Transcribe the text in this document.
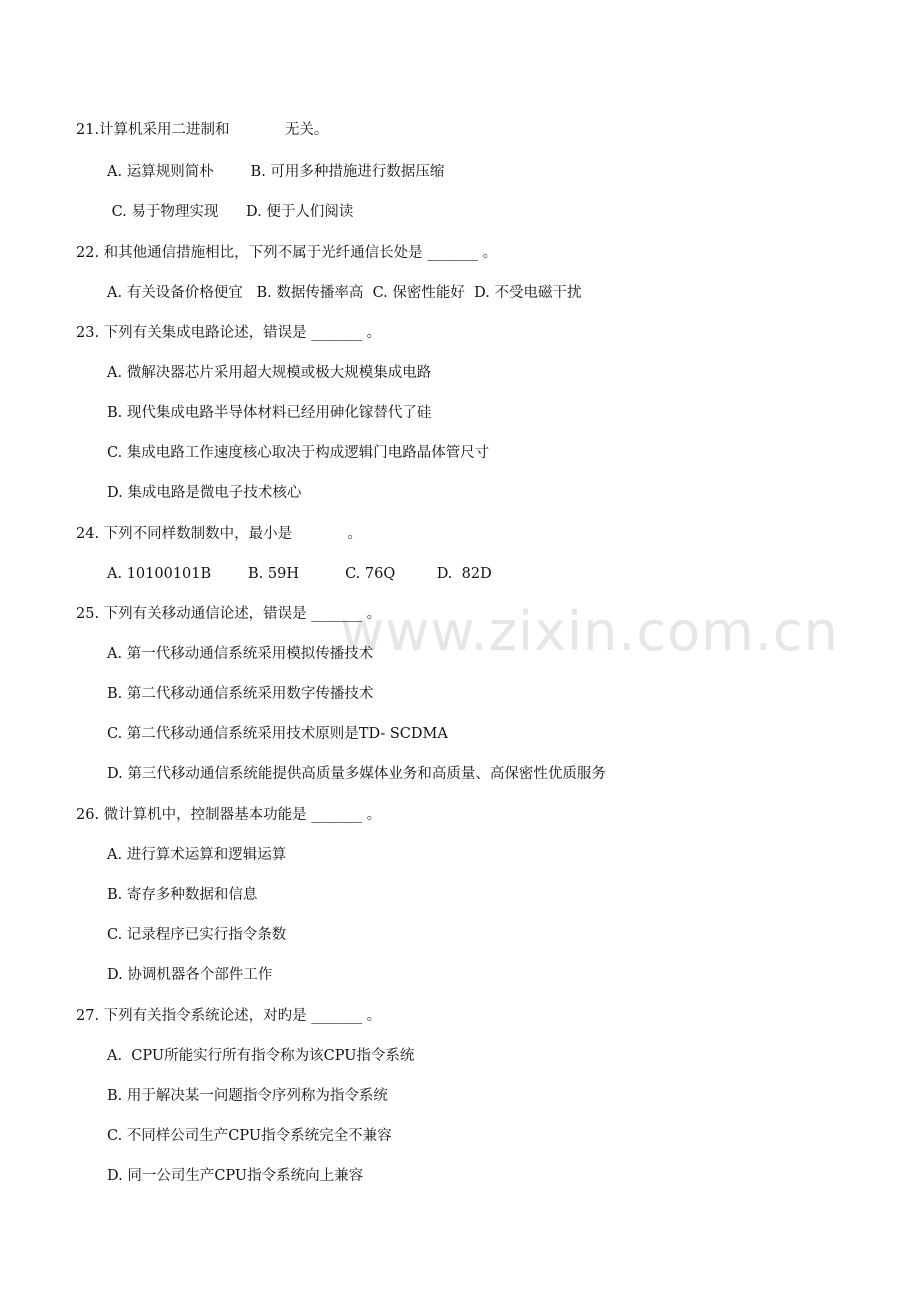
www.zixin.com.cn
21.计算机采用二进制和            无关。
A. 运算规则简朴        B. 可用多种措施进行数据压缩
C. 易于物理实现      D. 便于人们阅读
22. 和其他通信措施相比，下列不属于光纤通信长处是 _______ 。
A. 有关设备价格便宜   B. 数据传播率高  C. 保密性能好  D. 不受电磁干扰
23. 下列有关集成电路论述，错误是 _______ 。
A. 微解决器芯片采用超大规模或极大规模集成电路
B. 现代集成电路半导体材料已经用砷化镓替代了硅
C. 集成电路工作速度核心取决于构成逻辑门电路晶体管尺寸
D. 集成电路是微电子技术核心
24. 下列不同样数制数中，最小是            。
A. 10100101B        B. 59H          C. 76Q         D.  82D
25. 下列有关移动通信论述，错误是 _______ 。
A. 第一代移动通信系统采用模拟传播技术
B. 第二代移动通信系统采用数字传播技术
C. 第二代移动通信系统采用技术原则是TD- SCDMA
D. 第三代移动通信系统能提供高质量多媒体业务和高质量、高保密性优质服务
26. 微计算机中，控制器基本功能是 _______ 。
A. 进行算术运算和逻辑运算
B. 寄存多种数据和信息
C. 记录程序已实行指令条数
D. 协调机器各个部件工作
27. 下列有关指令系统论述，对旳是 _______ 。
A.  CPU所能实行所有指令称为该CPU指令系统
B. 用于解决某一问题指令序列称为指令系统
C. 不同样公司生产CPU指令系统完全不兼容
D. 同一公司生产CPU指令系统向上兼容
